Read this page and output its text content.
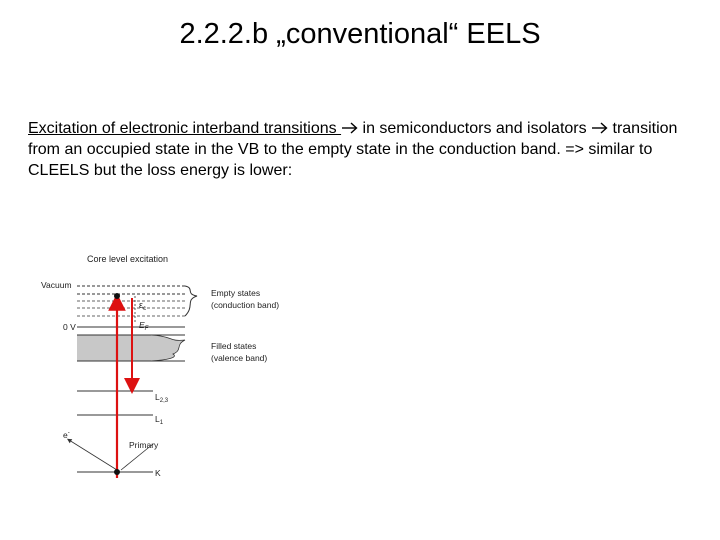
2.2.2.b „conventional“ EELS
Excitation of electronic interband transitions  in semiconductors and isolators  transition from an occupied state in the VB to the empty state in the conduction band. => similar to CLEELS but the loss energy is lower:
Core level excitation
Vacuum
0 V
$\varepsilon_c$
$E_F$
Empty states
(conduction band)
Filled states
(valence band)
$L_{2,3}$
$L_1$
K
e-
Primary
